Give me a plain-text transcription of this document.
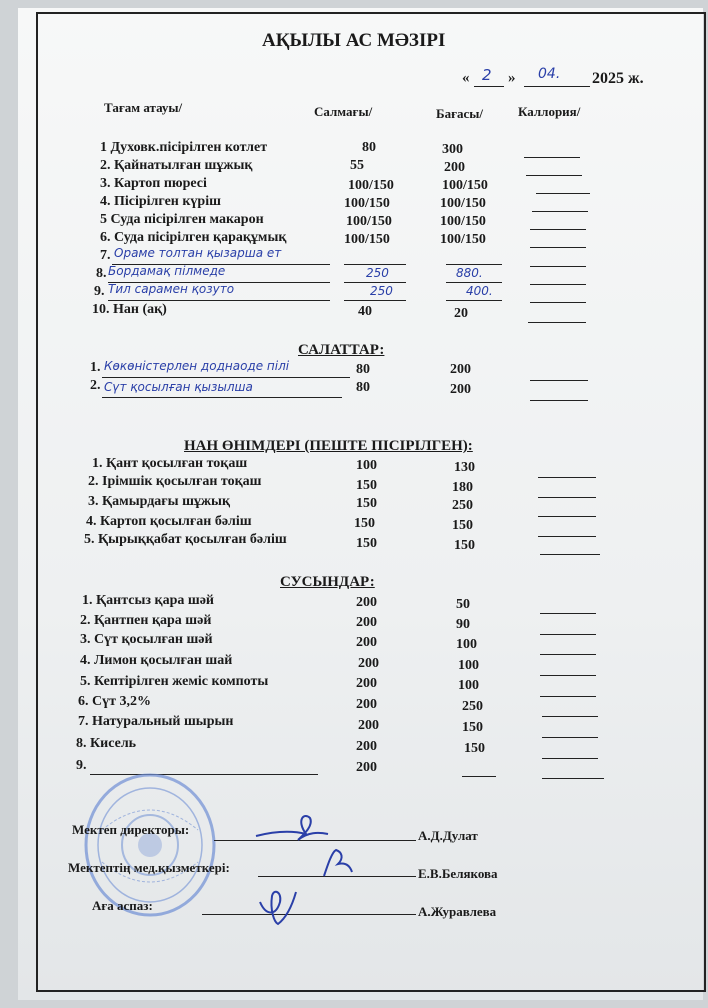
АҚЫЛЫ АС МӘЗІРІ
« 2 » 04. 2025 ж.
Тағам атауы/	Салмағы/	Бағасы/	Каллория/
1 Духовк.пісірілген котлет	80	300
2. Қайнатылған шұжық	55	200
3. Картоп пюресі	100/150	100/150
4. Пісірілген күріш	100/150	100/150
5 Суда пісірілген макарон	100/150	100/150
6. Суда пісірілген қарақұмық	100/150	100/150
7. Ораме толтан қызарша ет
8. Бордамақ пілмеде	250	880.
9. Тил сарамен қозуто	250	400.
10. Нан (ақ)	40	20
САЛАТТАР:
1. Көкөністерлен доднаоде пілі	80	200
2. Сүт қосылған қызылша	80	200
НАН ӨНІМДЕРІ (ПЕШТЕ ПІСІРІЛГЕН):
1. Қант қосылған тоқаш	100	130
2. Ірімшік қосылған тоқаш	150	180
3. Қамырдағы шұжық	150	250
4. Картоп қосылған бәліш	150	150
5. Қырыққабат қосылған бәліш	150	150
СУСЫНДАР:
1. Қантсыз қара шәй	200	50
2. Қантпен қара шәй	200	90
3. Сүт қосылған шәй	200	100
4. Лимон қосылған шай	200	100
5. Кептірілген жеміс компоты	200	100
6. Сүт 3,2%	200	250
7. Натуральный шырын	200	150
8. Кисель	200	150
9.	200
Мектеп директоры:	А.Д.Дулат
Мектептің мед.қызметкері:	Е.В.Белякова
Аға аспаз:	А.Журавлева
